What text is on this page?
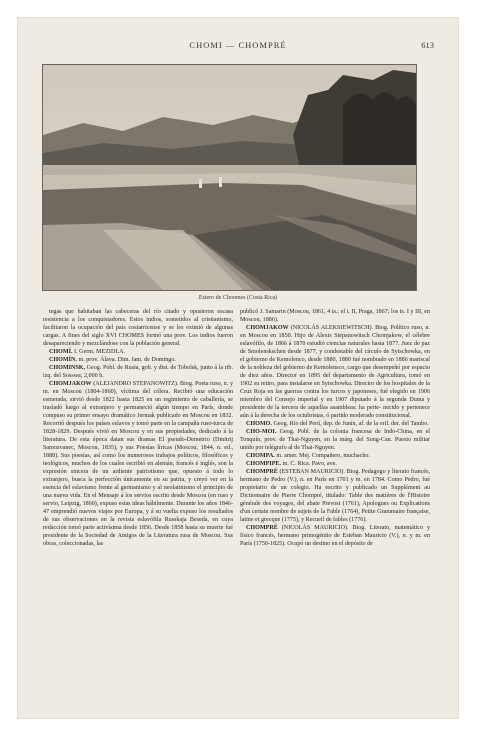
CHOMI — CHOMPRÉ	613
Estero de Choomes (Costa Rica)

tegas que habitaban las cabeceras del río citado y opusieron escasa resistencia a los conquistadores. Estos indios, sometidos al cristianismo, facilitaron la ocupación del país costarricense y se les eximió de algunas cargas. A fines del siglo XVI CHOMES formó una prov. Los indios fueron desapareciendo y mezclándose con la población general.

CHOMÍ. f. Germ. MEZIDLA.

CHOMÍN. m. prov. Álava. Dim. fam. de Domingo.

CHOMINSK, Geog. Pobl. de Rusia, gob. y dist. de Tobolsk, junto á la rib. izq. del Sosswa; 2,000 h.

CHOMJAKOW (ALEJANDRO STEPANOWITZ). Biog. Poeta ruso, n. y m. en Moscou (1804-1860), víctima del cólera. Recibió una educación esmerada, sirvió desde 1822 hasta 1825 en un regimiento de caballería, se trasladó luego al extranjero y permaneció algún tiempo en París, donde compuso su primer ensayo dramático Jermak publicado en Moscou en 1832. Recorrió después los países eslavos y tomó parte en la campaña ruso-turca de 1828-1829. Después vivió en Moscou y en sus propiedades, dedicado á la literatura. De esta época datan sus dramas El pseudo-Demetrio (Dmitrij Samozvanec, Moscou, 1835), y sus Poesías líricas (Moscou, 1844, n. ed., 1888). Sus poesías, así como los numerosos trabajos políticos, filosóficos y teológicos, muchos de los cuales escribió en alemán, francés é inglés, son la expresión sincera de un ardiente patriotismo que, opuesto á todo lo extranjero, busca la perfección únicamente en su patria, y creyó ver en la esencia del eslavismo frente al germanismo y al neolatinismo el principio de una nueva vida. En el Mensaje á los servios escrito desde Moscou (en ruso y servio, Leipzig, 1860), expuso estas ideas hábilmente. Durante los años 1846-47 emprendió nuevos viajes por Europa, y á su vuelta expuso los resultados de sus observaciones en la revista eslavófila Russkaja Beseda, en cuya redacción tomó parte activísima desde 1856. Desde 1858 hasta su muerte fué presidente de la Sociedad de Amigos de la Literatura rusa de Moscou. Sus obras, coleccionadas, las

publicó J. Samarin (Moscou, 1861, 4 ts.; el t. II, Praga, 1867; los ts. I y III, en Moscou, 1886).

CHOMJAKOW (NICOLÁS ALEKSIEWITSCH). Biog. Político ruso, n. en Moscou en 1850. Hijo de Alexis Stepanowitsch Chomjakow, el célebre eslavófilo, de 1866 á 1870 estudió ciencias naturales hasta 1877. Juez de paz de Smolenskschen desde 1877, y condestable del círculo de Sytschowka, en el gobierno de Kemolenco, desde 1880, 1880 fué nombrado en 1886 mariscal de la nobleza del gobierno de Kemolensco, cargo que desempeñó por espacio de diez años. Director en 1895 del departamento de Agricultura, tomó en 1902 su retiro, para instalarse en Sytschowka. Director de los hospitales de la Cruz Roja en las guerras contra los turcos y japoneses, fué elegido en 1906 miembro del Consejo imperial y en 1907 diputado á la segunda Duma y presidente de la tercera de aquellas asambleas; ha perte- necido y pertenece aún á la derecha de los octubristas, ó partido moderado constitucional.

CHOMO. Geog. Río del Perú, dep. de Junín, af. de la oril. der. del Tambo.

CHO-MOI. Geog. Pobl. de la colonia francesa de Indo-China, en el Tonquín, prov. de Thai-Nguyen, en la márg. del Song-Can. Puesto militar unido por telégrafo al de Thai-Nguyen.

CHOMPA. m. amer. Mej. Compañero, muchacho.

CHOMPIPE. m. C. Rica. Pavo, ave.

CHOMPRÉ (ESTEBAN MAURICIO). Biog. Pedagogo y literato francés, hermano de Pedro (V.), n. en París en 1701 y m. en 1784. Como Pedro, fué propietario de un colegio. Ha escrito y publicado un Supplément au Dictionnaire de Pierre Chompré, titulado: Table des matières de l'Histoire générale des voyages, del abate Prevost (1761), Apologues ou Explications d'un certain nombre de sujets de la Fable (1764), Petite Grammaire française, latine et grecque (1775), y Recueil de fables (1776).

CHOMPRÉ (NICOLÁS MAURICIO). Biog. Literato, matemático y físico francés, hermano primogénito de Esteban Mauricio (V.), n. y m. en París (1750-1825). Ocupó un destino en el depósito de
